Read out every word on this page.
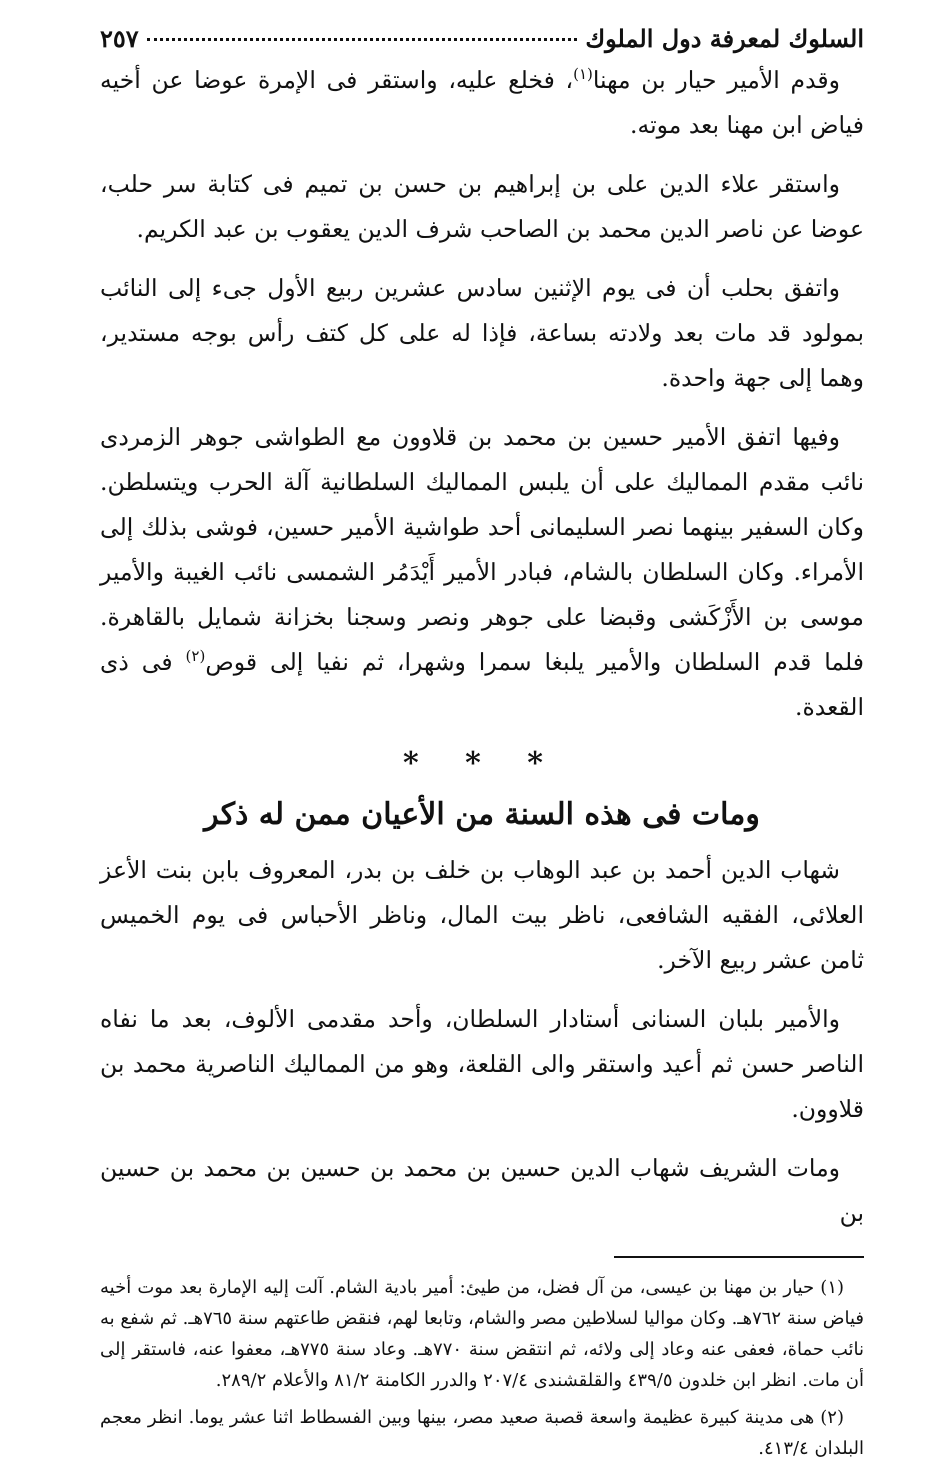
السلوك لمعرفة دول الملوك
٢٥٧

وقدم الأمير حيار بن مهنا$^{(١)}$، فخلع عليه، واستقر فى الإمرة عوضا عن أخيه فياض ابن مهنا بعد موته.

واستقر علاء الدين على بن إبراهيم بن حسن بن تميم فى كتابة سر حلب، عوضا عن ناصر الدين محمد بن الصاحب شرف الدين يعقوب بن عبد الكريم.

واتفق بحلب أن فى يوم الإثنين سادس عشرين ربيع الأول جىء إلى النائب بمولود قد مات بعد ولادته بساعة، فإذا له على كل كتف رأس بوجه مستدير، وهما إلى جهة واحدة.

وفيها اتفق الأمير حسين بن محمد بن قلاوون مع الطواشى جوهر الزمردى نائب مقدم المماليك على أن يلبس المماليك السلطانية آلة الحرب ويتسلطن. وكان السفير بينهما نصر السليمانى أحد طواشية الأمير حسين، فوشى بذلك إلى الأمراء. وكان السلطان بالشام، فبادر الأمير أَيْدَمُر الشمسى نائب الغيبة والأمير موسى بن الأَزْكَشى وقبضا على جوهر ونصر وسجنا بخزانة شمايل بالقاهرة. فلما قدم السلطان والأمير يلبغا سمرا وشهرا، ثم نفيا إلى قوص$^{(٢)}$ فى ذى القعدة.

* * *
ومات فى هذه السنة من الأعيان ممن له ذكر

شهاب الدين أحمد بن عبد الوهاب بن خلف بن بدر، المعروف بابن بنت الأعز العلائى، الفقيه الشافعى، ناظر بيت المال، وناظر الأحباس فى يوم الخميس ثامن عشر ربيع الآخر.

والأمير بلبان السنانى أستادار السلطان، وأحد مقدمى الألوف، بعد ما نفاه الناصر حسن ثم أعيد واستقر والى القلعة، وهو من المماليك الناصرية محمد بن قلاوون.

ومات الشريف شهاب الدين حسين بن محمد بن حسين بن محمد بن حسين بن

(١) حيار بن مهنا بن عيسى، من آل فضل، من طيئ: أمير بادية الشام. آلت إليه الإمارة بعد موت أخيه فياض سنة ٧٦٢هـ. وكان مواليا لسلاطين مصر والشام، وتابعا لهم، فنقض طاعتهم سنة ٧٦٥هـ. ثم شفع به نائب حماة، فعفى عنه وعاد إلى ولائه، ثم انتقض سنة ٧٧٠هـ. وعاد سنة ٧٧٥هـ، معفوا عنه، فاستقر إلى أن مات. انظر ابن خلدون ٤٣٩/٥ والقلقشندى ٢٠٧/٤ والدرر الكامنة ٨١/٢ والأعلام ٢٨٩/٢.

(٢) هى مدينة كبيرة عظيمة واسعة قصبة صعيد مصر، بينها وبين الفسطاط اثنا عشر يوما. انظر معجم البلدان ٤١٣/٤.
